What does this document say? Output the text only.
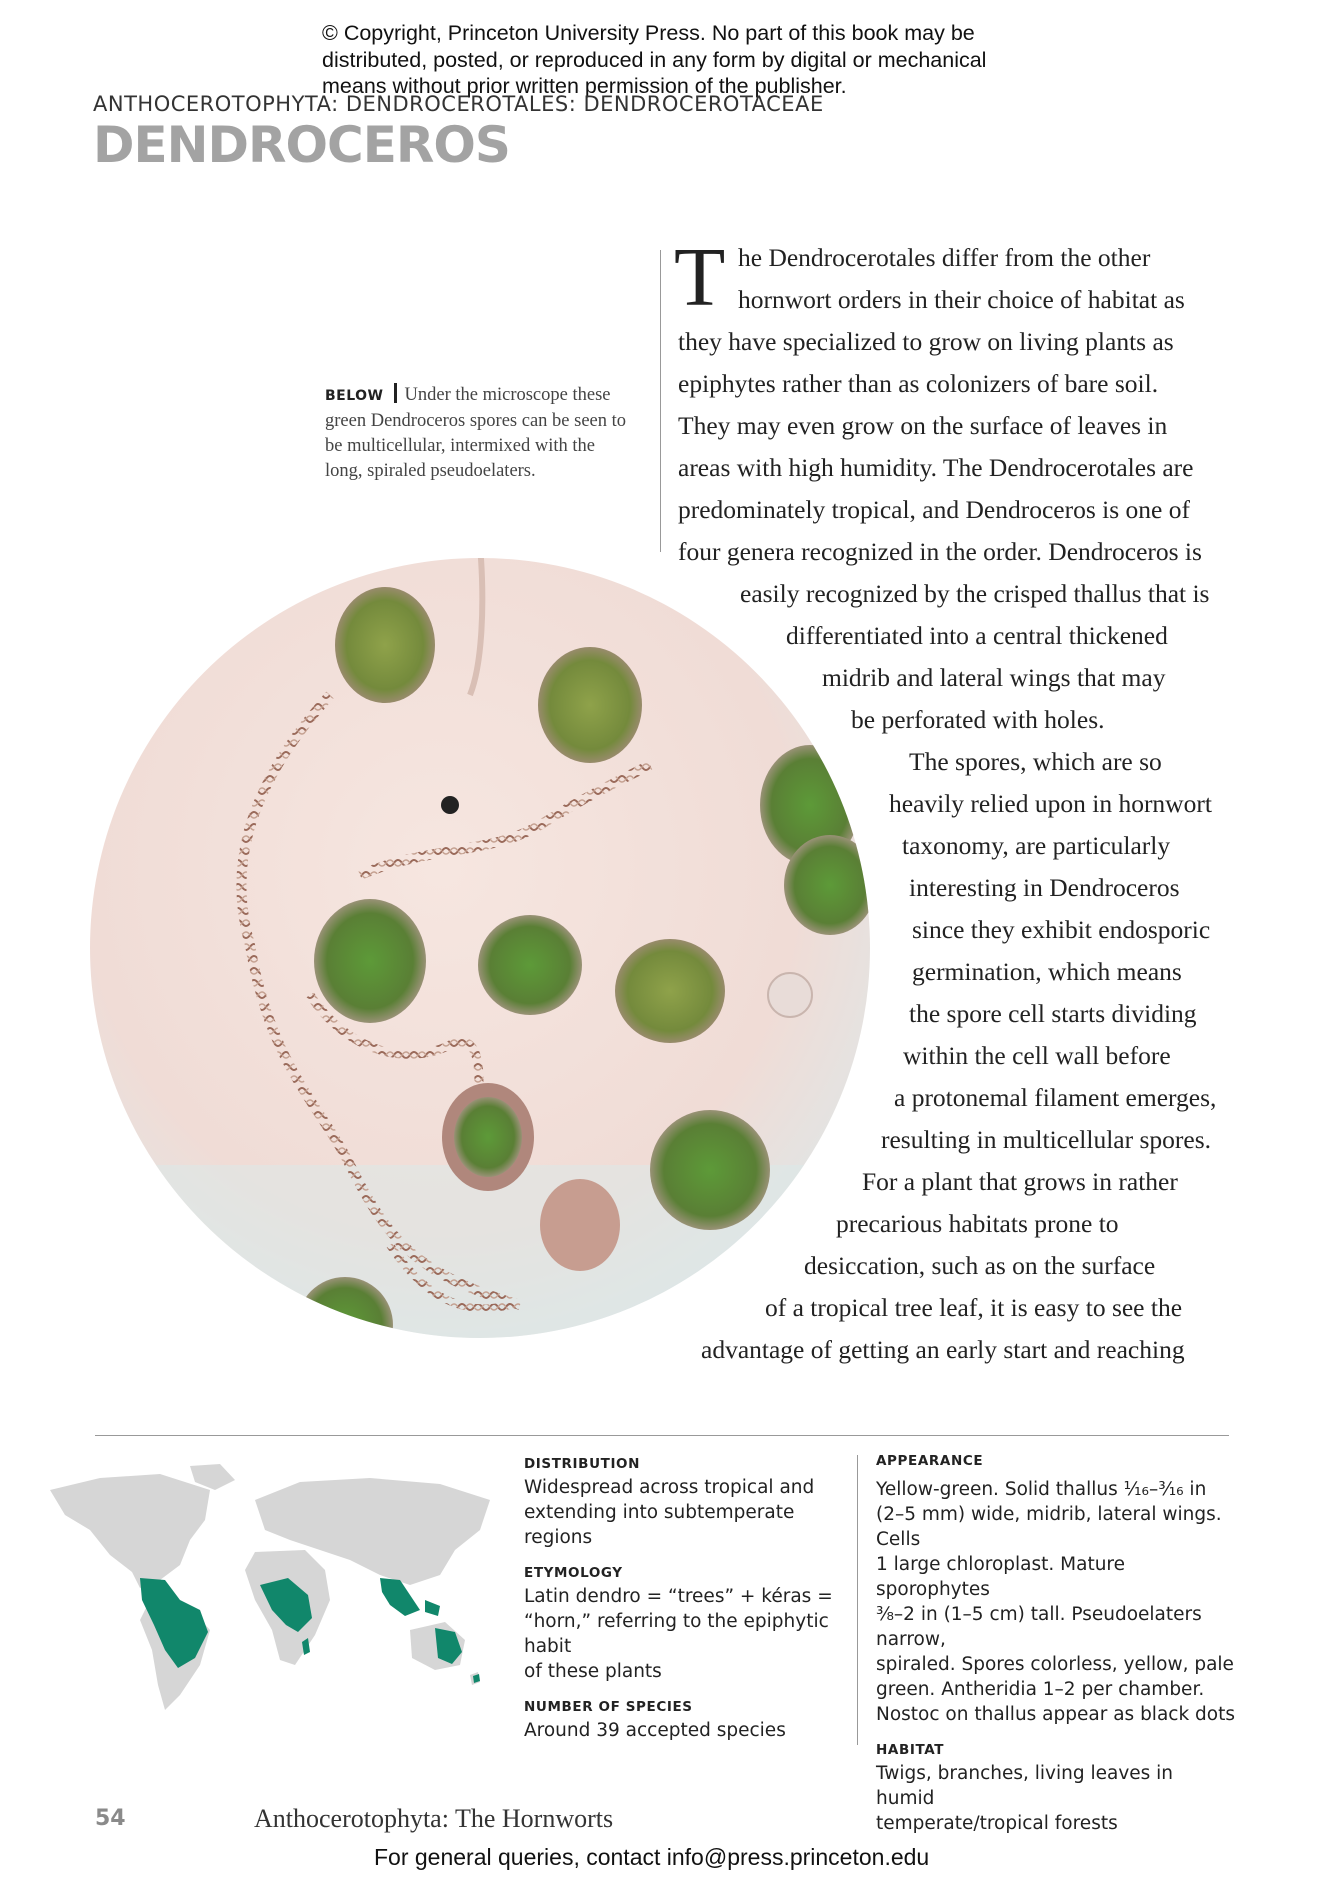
© Copyright, Princeton University Press. No part of this book may be
distributed, posted, or reproduced in any form by digital or mechanical
means without prior written permission of the publisher.
ANTHOCEROTOPHYTA: DENDROCEROTALES: DENDROCEROTACEAE
DENDROCEROS
BELOW Under the microscope these
green Dendroceros spores can be seen to
be multicellular, intermixed with the
long, spiraled pseudoelaters.
T he Dendrocerotales differ from the other
hornwort orders in their choice of habitat as
they have specialized to grow on living plants as
epiphytes rather than as colonizers of bare soil.
They may even grow on the surface of leaves in
areas with high humidity. The Dendrocerotales are
predominately tropical, and Dendroceros is one of
four genera recognized in the order. Dendroceros is
easily recognized by the crisped thallus that is
differentiated into a central thickened
midrib and lateral wings that may
be perforated with holes.
The spores, which are so
heavily relied upon in hornwort
taxonomy, are particularly
interesting in Dendroceros
since they exhibit endosporic
germination, which means
the spore cell starts dividing
within the cell wall before
a protonemal filament emerges,
resulting in multicellular spores.
For a plant that grows in rather
precarious habitats prone to
desiccation, such as on the surface
of a tropical tree leaf, it is easy to see the
advantage of getting an early start and reaching
DISTRIBUTION
Widespread across tropical and
extending into subtemperate regions
ETYMOLOGY
Latin dendro = “trees” + kéras =
“horn,” referring to the epiphytic habit
of these plants
NUMBER OF SPECIES
Around 39 accepted species
APPEARANCE
Yellow-green. Solid thallus ¹⁄₁₆–³⁄₁₆ in
(2–5 mm) wide, midrib, lateral wings. Cells
1 large chloroplast. Mature sporophytes
³⁄₈–2 in (1–5 cm) tall. Pseudoelaters narrow,
spiraled. Spores colorless, yellow, pale
green. Antheridia 1–2 per chamber.
Nostoc on thallus appear as black dots
HABITAT
Twigs, branches, living leaves in humid
temperate/tropical forests
54	Anthocerotophyta: The Hornworts
For general queries, contact info@press.princeton.edu
